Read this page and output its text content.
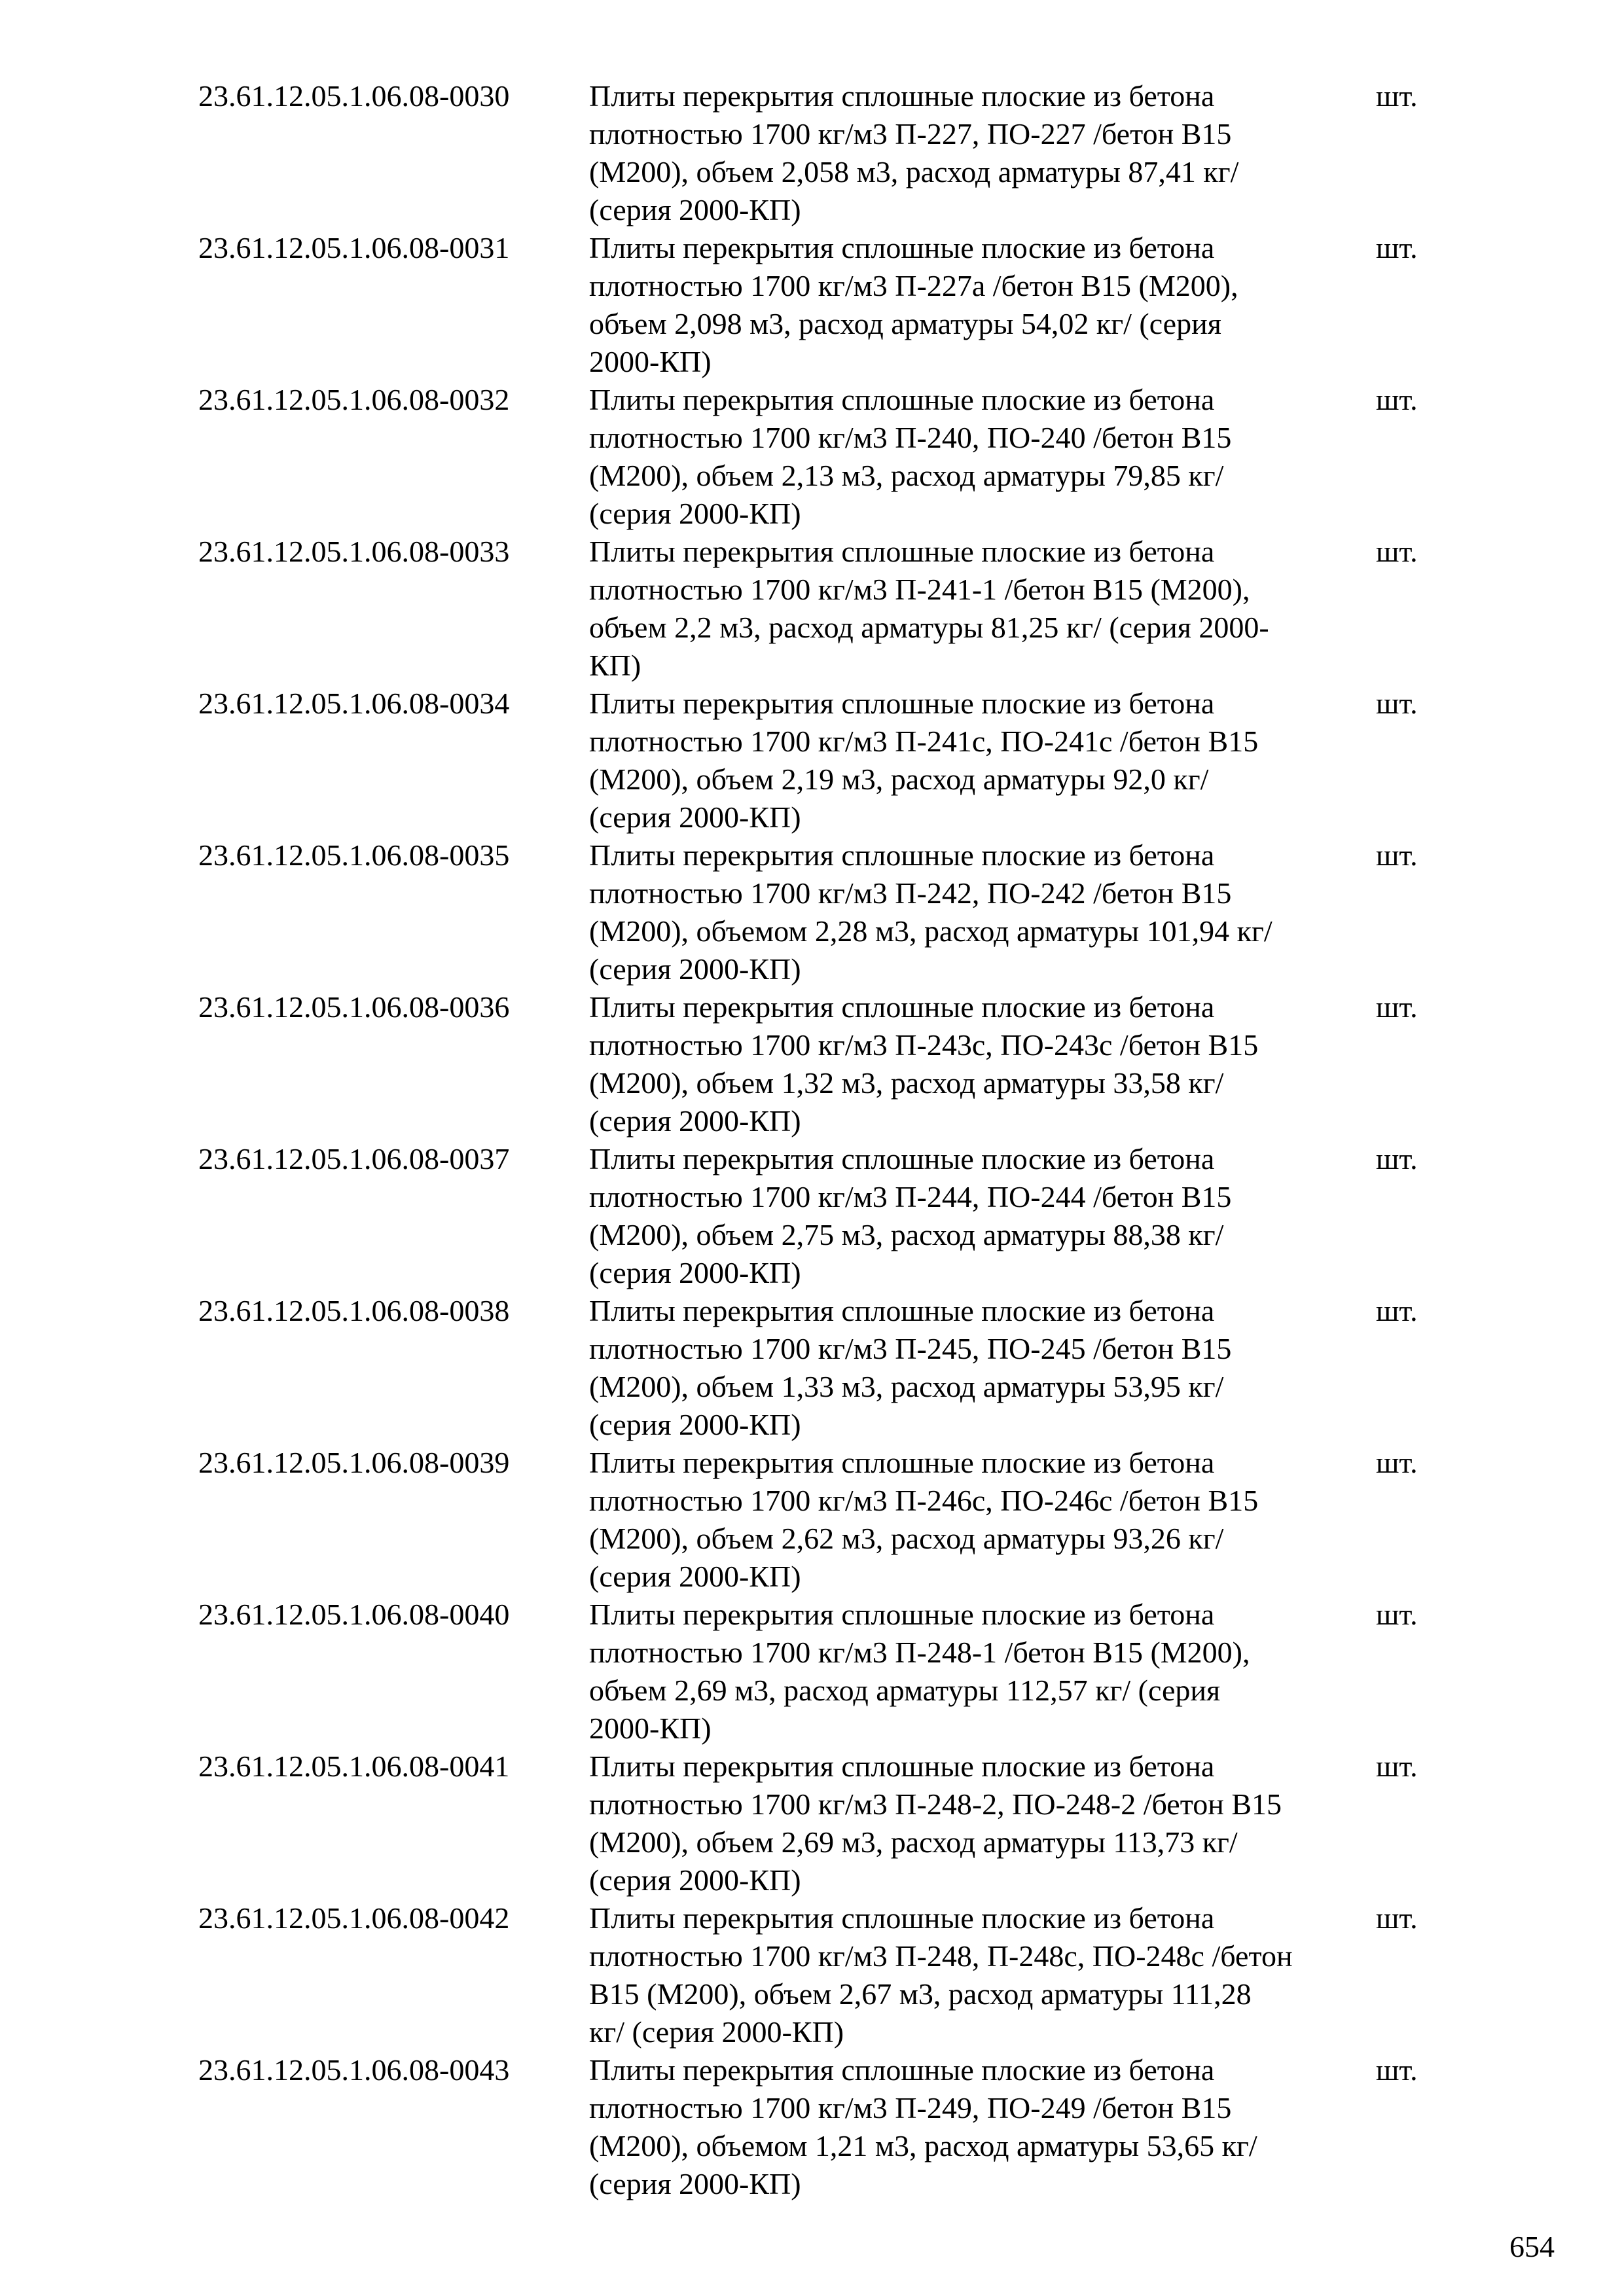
23.61.12.05.1.06.08-0030	Плиты перекрытия сплошные плоские из бетона
плотностью 1700 кг/м3 П-227, ПО-227 /бетон В15
(М200), объем 2,058 м3, расход арматуры 87,41 кг/
(серия 2000-КП)
шт.
23.61.12.05.1.06.08-0031	Плиты перекрытия сплошные плоские из бетона
плотностью 1700 кг/м3 П-227а /бетон В15 (М200),
объем 2,098 м3, расход арматуры 54,02 кг/ (серия
2000-КП)
шт.
23.61.12.05.1.06.08-0032	Плиты перекрытия сплошные плоские из бетона
плотностью 1700 кг/м3 П-240, ПО-240 /бетон В15
(М200), объем 2,13 м3, расход арматуры 79,85 кг/
(серия 2000-КП)
шт.
23.61.12.05.1.06.08-0033	Плиты перекрытия сплошные плоские из бетона
плотностью 1700 кг/м3 П-241-1 /бетон В15 (М200),
объем 2,2 м3, расход арматуры 81,25 кг/ (серия 2000-
КП)
шт.
23.61.12.05.1.06.08-0034	Плиты перекрытия сплошные плоские из бетона
плотностью 1700 кг/м3 П-241с, ПО-241с /бетон В15
(М200), объем 2,19 м3, расход арматуры 92,0 кг/
(серия 2000-КП)
шт.
23.61.12.05.1.06.08-0035	Плиты перекрытия сплошные плоские из бетона
плотностью 1700 кг/м3 П-242, ПО-242 /бетон В15
(М200), объемом 2,28 м3, расход арматуры 101,94 кг/
(серия 2000-КП)
шт.
23.61.12.05.1.06.08-0036	Плиты перекрытия сплошные плоские из бетона
плотностью 1700 кг/м3 П-243с, ПО-243с /бетон В15
(М200), объем 1,32 м3, расход арматуры 33,58 кг/
(серия 2000-КП)
шт.
23.61.12.05.1.06.08-0037	Плиты перекрытия сплошные плоские из бетона
плотностью 1700 кг/м3 П-244, ПО-244 /бетон В15
(М200), объем 2,75 м3, расход арматуры 88,38 кг/
(серия 2000-КП)
шт.
23.61.12.05.1.06.08-0038	Плиты перекрытия сплошные плоские из бетона
плотностью 1700 кг/м3 П-245, ПО-245 /бетон В15
(М200), объем 1,33 м3, расход арматуры 53,95 кг/
(серия 2000-КП)
шт.
23.61.12.05.1.06.08-0039	Плиты перекрытия сплошные плоские из бетона
плотностью 1700 кг/м3 П-246с, ПО-246с /бетон В15
(М200), объем 2,62 м3, расход арматуры 93,26 кг/
(серия 2000-КП)
шт.
23.61.12.05.1.06.08-0040	Плиты перекрытия сплошные плоские из бетона
плотностью 1700 кг/м3 П-248-1 /бетон В15 (М200),
объем 2,69 м3, расход арматуры 112,57 кг/ (серия
2000-КП)
шт.
23.61.12.05.1.06.08-0041	Плиты перекрытия сплошные плоские из бетона
плотностью 1700 кг/м3 П-248-2, ПО-248-2 /бетон В15
(М200), объем 2,69 м3, расход арматуры 113,73 кг/
(серия 2000-КП)
шт.
23.61.12.05.1.06.08-0042	Плиты перекрытия сплошные плоские из бетона
плотностью 1700 кг/м3 П-248, П-248с, ПО-248с /бетон
В15 (М200), объем 2,67 м3, расход арматуры 111,28
кг/ (серия 2000-КП)
шт.
23.61.12.05.1.06.08-0043	Плиты перекрытия сплошные плоские из бетона
плотностью 1700 кг/м3 П-249, ПО-249 /бетон В15
(М200), объемом 1,21 м3, расход арматуры 53,65 кг/
(серия 2000-КП)
шт.
654
